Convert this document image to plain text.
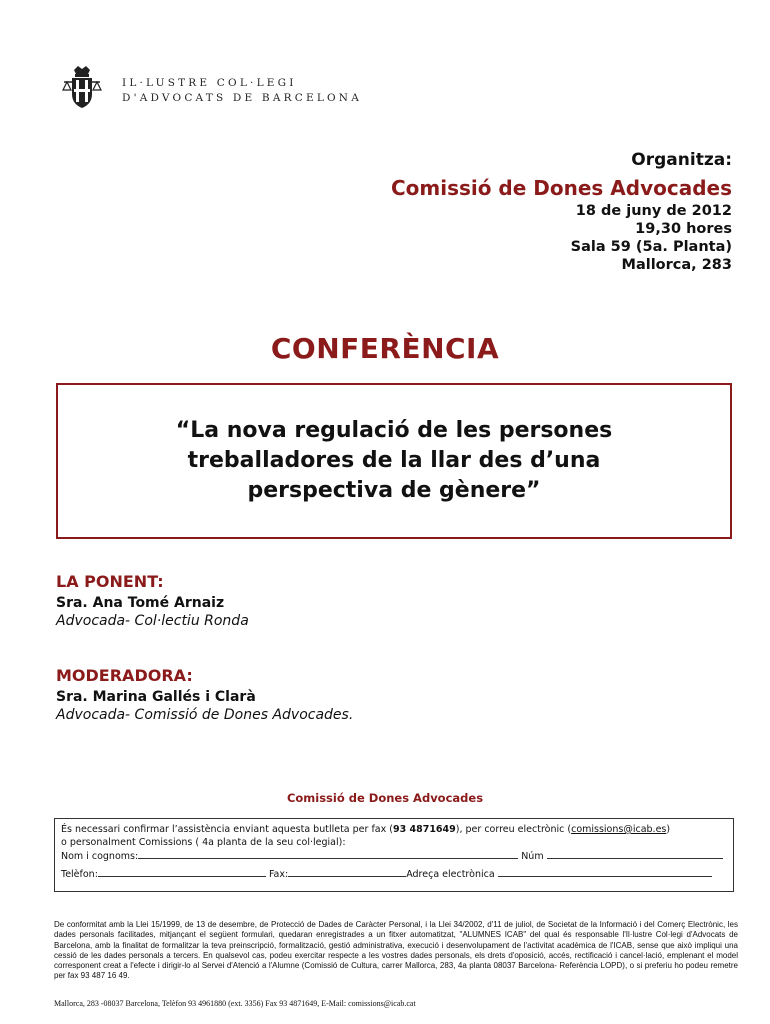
IL·LUSTRE COL·LEGI
D'ADVOCATS DE BARCELONA
Organitza:
Comissió de Dones Advocades
18 de juny de 2012
19,30 hores
Sala 59 (5a. Planta)
Mallorca, 283
CONFERÈNCIA
“La nova regulació de les persones
treballadores de la llar des d’una
perspectiva de gènere”
LA PONENT:
Sra. Ana Tomé Arnaiz
Advocada- Col·lectiu Ronda
MODERADORA:
Sra. Marina Gallés i Clarà
Advocada- Comissió de Dones Advocades.
Comissió de Dones Advocades
És necessari confirmar l’assistència enviant aquesta butlleta per fax (93 4871649), per correu electrònic (comissions@icab.es)
o personalment Comissions ( 4a planta de la seu col·legial):
Nom i cognoms:	Núm
Telèfon:	Fax:	Adreça electrònica
De conformitat amb la Llei 15/1999, de 13 de desembre, de Protecció de Dades de Caràcter Personal, i la Llei 34/2002, d'11 de juliol, de Societat de la Informació i del Comerç Electrònic, les dades personals facilitades, mitjançant el següent formulari, quedaran enregistrades a un fitxer automatitzat, "ALUMNES ICAB" del qual és responsable l'Il·lustre Col·legi d'Advocats de Barcelona, amb la finalitat de formalitzar la teva preinscripció, formalització, gestió administrativa, execució i desenvolupament de l'activitat acadèmica de l'ICAB, sense que això impliqui una cessió de les dades personals a tercers. En qualsevol cas, podeu exercitar respecte a les vostres dades personals, els drets d'oposició, accés, rectificació i cancel·lació, emplenant el model corresponent creat a l'efecte i dirigir-lo al Servei d'Atenció a l'Alumne (Comissió de Cultura, carrer Mallorca, 283, 4a planta 08037 Barcelona- Referència LOPD), o si preferiu ho podeu remetre per fax 93 487 16 49.
Mallorca, 283 -08037 Barcelona, Telèfon 93 4961880 (ext. 3356) Fax 93 4871649, E-Mail: comissions@icab.cat
